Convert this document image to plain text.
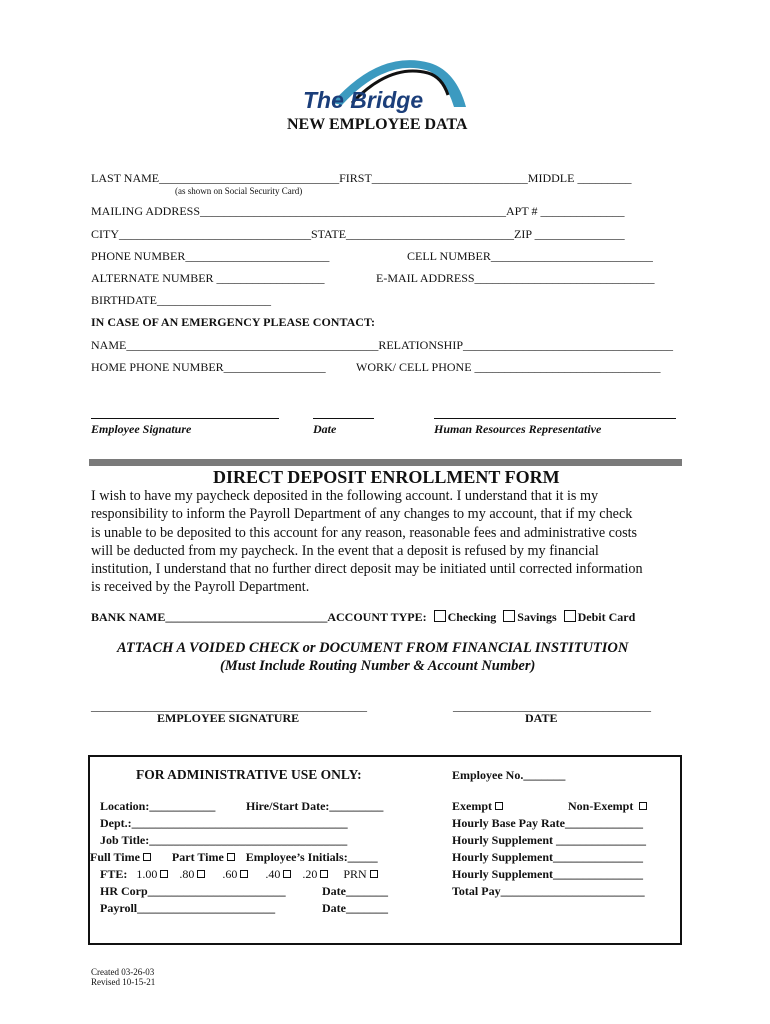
The Bridge
NEW EMPLOYEE DATA
LAST NAME______________________________FIRST__________________________MIDDLE _________
(as shown on Social Security Card)
MAILING ADDRESS___________________________________________________APT # ______________
CITY________________________________STATE____________________________ZIP _______________
PHONE NUMBER________________________	CELL NUMBER___________________________
ALTERNATE NUMBER __________________	E-MAIL ADDRESS______________________________
BIRTHDATE___________________
IN CASE OF AN EMERGENCY PLEASE CONTACT:
NAME__________________________________________RELATIONSHIP___________________________________
HOME PHONE NUMBER_________________	WORK/ CELL PHONE _______________________________
Employee Signature	Date	Human Resources Representative
DIRECT DEPOSIT ENROLLMENT FORM
I wish to have my paycheck deposited in the following account. I understand that it is my
responsibility to inform the Payroll Department of any changes to my account, that if my check
is unable to be deposited to this account for any reason, reasonable fees and administrative costs
will be deducted from my paycheck. In the event that a deposit is refused by my financial
institution, I understand that no further direct deposit may be initiated until corrected information
is received by the Payroll Department.
BANK NAME___________________________ACCOUNT TYPE: Checking Savings Debit Card
ATTACH A VOIDED CHECK or DOCUMENT FROM FINANCIAL INSTITUTION
(Must Include Routing Number & Account Number)
______________________________________________	_________________________________
EMPLOYEE SIGNATURE	DATE
FOR ADMINISTRATIVE USE ONLY:	Employee No._______
Location:___________	Hire/Start Date:_________
Dept.:____________________________________
Job Title:_________________________________
Full Time	Part Time Employee’s Initials:_____
FTE: 1.00 .80 .60 .40 .20 PRN
HR Corp_______________________	Date_______
Payroll_______________________	Date_______
Exempt	Non-Exempt
Hourly Base Pay Rate_____________
Hourly Supplement _______________
Hourly Supplement_______________
Hourly Supplement_______________
Total Pay________________________
Created 03-26-03
Revised 10-15-21
